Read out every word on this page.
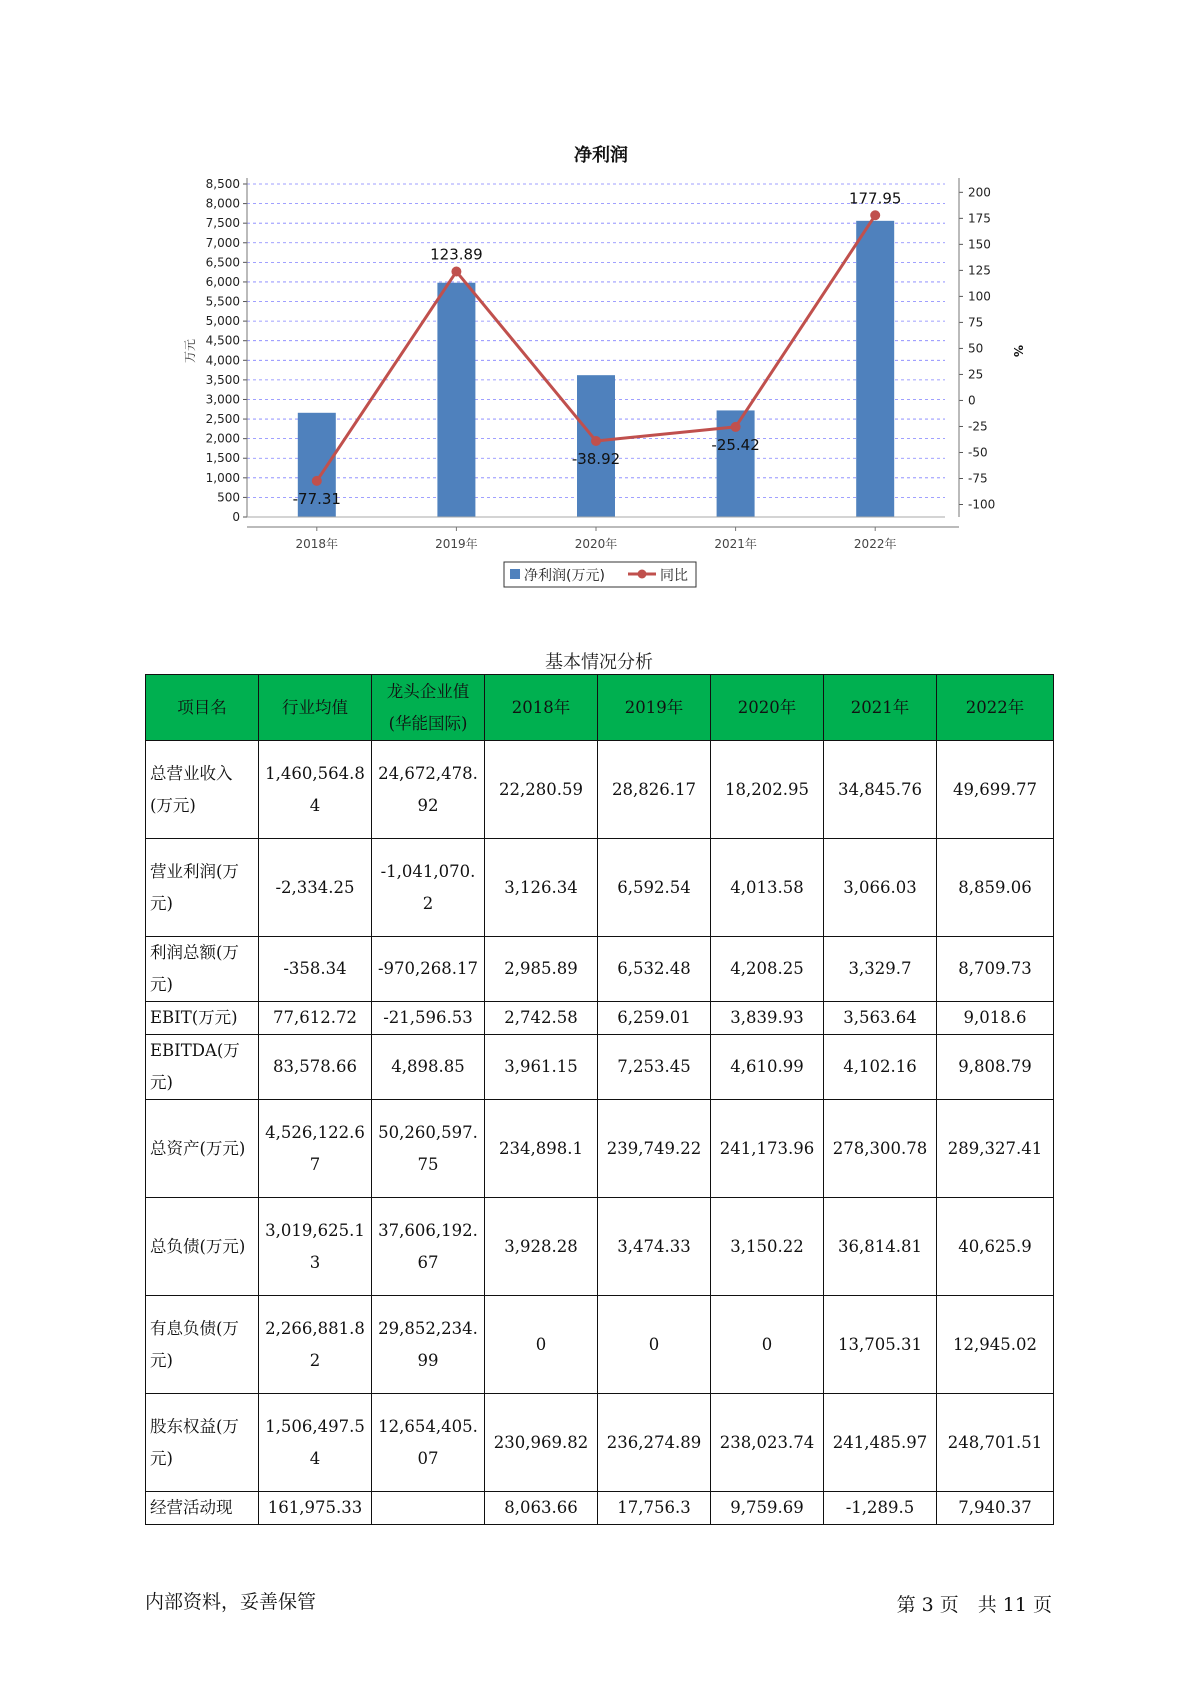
净利润
-77.31
123.89
-38.92
-25.42
177.95
0
500
1,000
1,500
2,000
2,500
3,000
3,500
4,000
4,500
5,000
5,500
6,000
6,500
7,000
7,500
8,000
8,500
-100
-75
-50
-25
0
25
50
75
100
125
150
175
200
2018年	2019年	2020年	2021年	2022年
万元	%
净利润(万元)	同比
基本情况分析
项目名	行业均值	龙头企业值(华能国际)	2018年	2019年	2020年	2021年	2022年
总营业收入(万元)	1,460,564.84	24,672,478.92	22,280.59	28,826.17	18,202.95	34,845.76	49,699.77
营业利润(万元)	-2,334.25	-1,041,070.2	3,126.34	6,592.54	4,013.58	3,066.03	8,859.06
利润总额(万元)	-358.34	-970,268.17	2,985.89	6,532.48	4,208.25	3,329.7	8,709.73
EBIT(万元)	77,612.72	-21,596.53	2,742.58	6,259.01	3,839.93	3,563.64	9,018.6
EBITDA(万元)	83,578.66	4,898.85	3,961.15	7,253.45	4,610.99	4,102.16	9,808.79
总资产(万元)	4,526,122.67	50,260,597.75	234,898.1	239,749.22	241,173.96	278,300.78	289,327.41
总负债(万元)	3,019,625.13	37,606,192.67	3,928.28	3,474.33	3,150.22	36,814.81	40,625.9
有息负债(万元)	2,266,881.82	29,852,234.99	0	0	0	13,705.31	12,945.02
股东权益(万元)	1,506,497.54	12,654,405.07	230,969.82	236,274.89	238,023.74	241,485.97	248,701.51
经营活动现	161,975.33		8,063.66	17,756.3	9,759.69	-1,289.5	7,940.37
内部资料，妥善保管	第 3 页　共 11 页
